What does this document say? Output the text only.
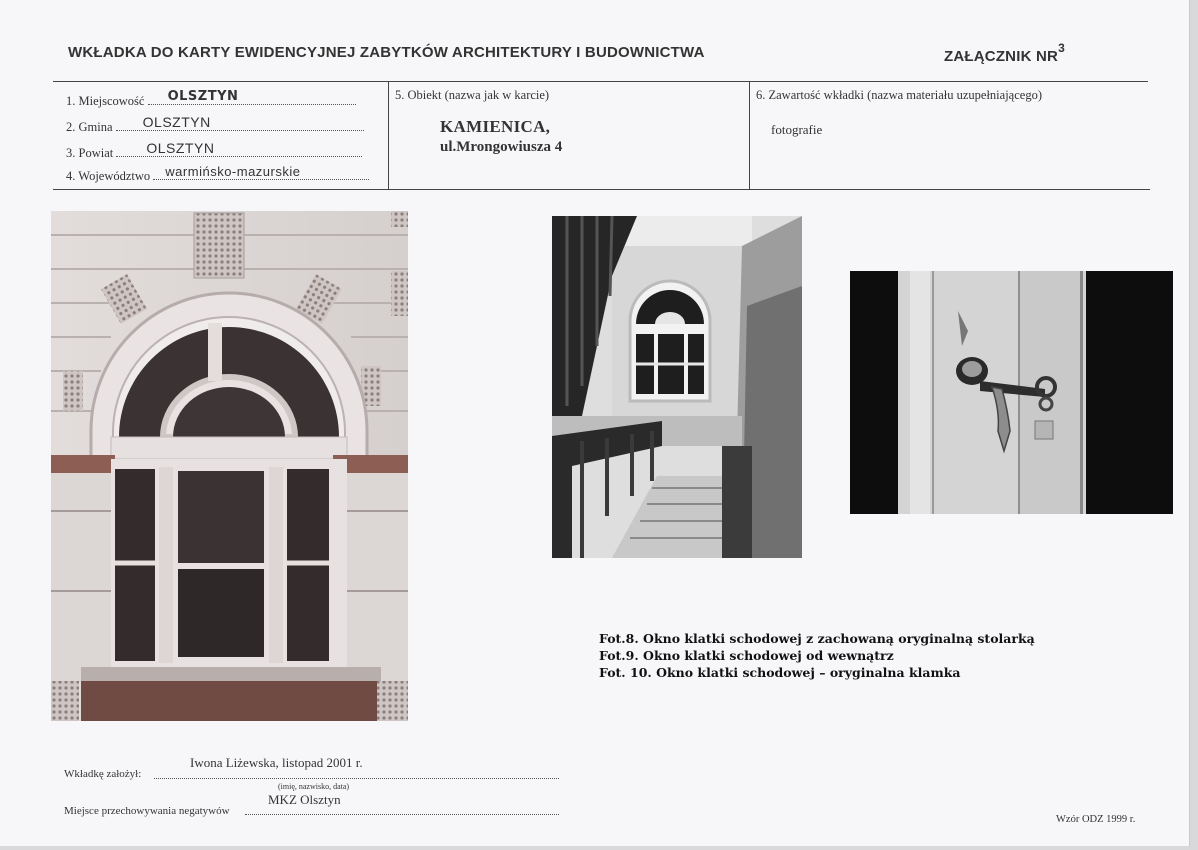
WKŁADKA DO KARTY EWIDENCYJNEJ ZABYTKÓW ARCHITEKTURY I BUDOWNICTWA	ZAŁĄCZNIK $NR^3$
1. Miejscowość OLSZTYN
2. Gmina OLSZTYN
3. Powiat OLSZTYN
4. Województwo warmińsko-mazurskie
5. Obiekt (nazwa jak w karcie)
KAMIENICA,
ul.Mrongowiusza 4
6. Zawartość wkładki (nazwa materiału uzupełniającego)
fotografie
Fot.8. Okno klatki schodowej z zachowaną oryginalną stolarką
Fot.9. Okno klatki schodowej od wewnątrz
Fot. 10. Okno klatki schodowej – oryginalna klamka
Iwona Liżewska, listopad 2001 r.
Wkładkę założył:
(imię, nazwisko, data)
MKZ Olsztyn
Miejsce przechowywania negatywów
Wzór ODZ 1999 r.
